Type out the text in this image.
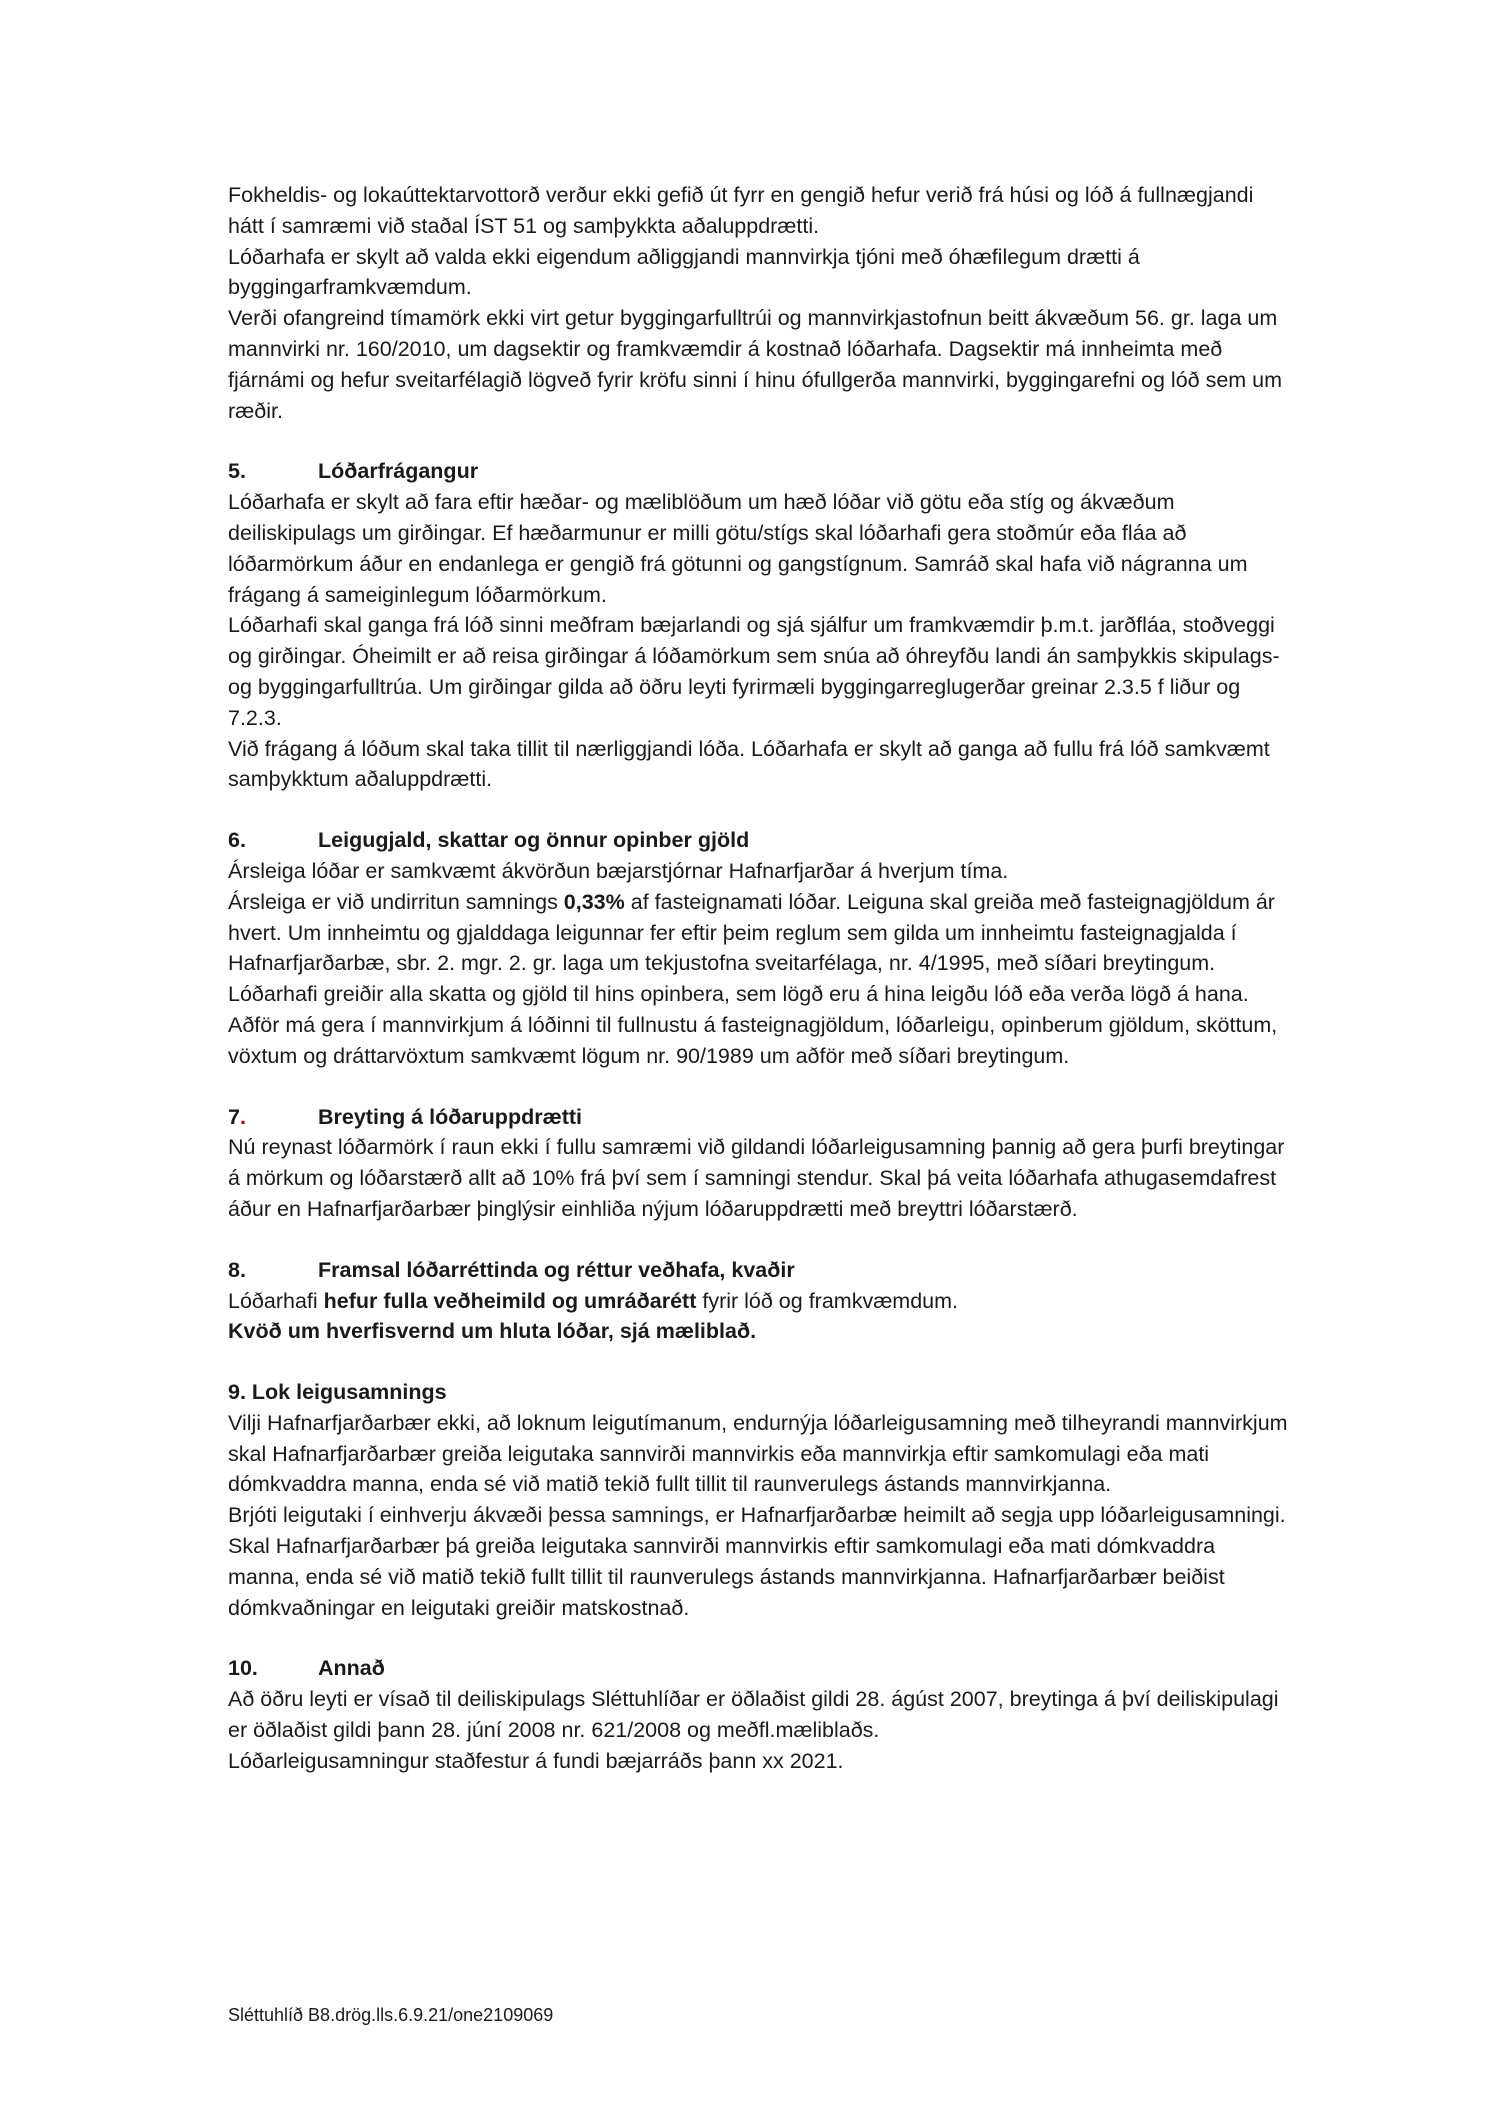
Fokheldis- og lokaúttektarvottorð verður ekki gefið út fyrr en gengið hefur verið frá húsi og lóð á fullnægjandi hátt í samræmi við staðal ÍST 51 og samþykkta aðaluppdrætti.

Lóðarhafa er skylt að valda ekki eigendum aðliggjandi mannvirkja tjóni með óhæfilegum drætti á byggingarframkvæmdum.

Verði ofangreind tímamörk ekki virt getur byggingarfulltrúi og mannvirkjastofnun beitt ákvæðum 56. gr. laga um mannvirki nr. 160/2010, um dagsektir og framkvæmdir á kostnað lóðarhafa. Dagsektir má innheimta með fjárnámi og hefur sveitarfélagið lögveð fyrir kröfu sinni í hinu ófullgerða mannvirki, byggingarefni og lóð sem um ræðir.

5.	Lóðarfrágangur

Lóðarhafa er skylt að fara eftir hæðar- og mæliblöðum um hæð lóðar við götu eða stíg og ákvæðum deiliskipulags um girðingar. Ef hæðarmunur er milli götu/stígs skal lóðarhafi gera stoðmúr eða fláa að lóðarmörkum áður en endanlega er gengið frá götunni og gangstígnum. Samráð skal hafa við nágranna um frágang á sameiginlegum lóðarmörkum.

Lóðarhafi skal ganga frá lóð sinni meðfram bæjarlandi og sjá sjálfur um framkvæmdir þ.m.t. jarðfláa, stoðveggi og girðingar. Óheimilt er að reisa girðingar á lóðamörkum sem snúa að óhreyfðu landi án samþykkis skipulags- og byggingarfulltrúa. Um girðingar gilda að öðru leyti fyrirmæli byggingarreglugerðar greinar 2.3.5 f liður og 7.2.3.

Við frágang á lóðum skal taka tillit til nærliggjandi lóða. Lóðarhafa er skylt að ganga að fullu frá lóð samkvæmt samþykktum aðaluppdrætti.

6.	Leigugjald, skattar og önnur opinber gjöld

Ársleiga lóðar er samkvæmt ákvörðun bæjarstjórnar Hafnarfjarðar á hverjum tíma.

Ársleiga er við undirritun samnings 0,33% af fasteignamati lóðar. Leiguna skal greiða með fasteignagjöldum ár hvert. Um innheimtu og gjalddaga leigunnar fer eftir þeim reglum sem gilda um innheimtu fasteignagjalda í Hafnarfjarðarbæ, sbr. 2. mgr. 2. gr. laga um tekjustofna sveitarfélaga, nr. 4/1995, með síðari breytingum.

Lóðarhafi greiðir alla skatta og gjöld til hins opinbera, sem lögð eru á hina leigðu lóð eða verða lögð á hana.

Aðför má gera í mannvirkjum á lóðinni til fullnustu á fasteignagjöldum, lóðarleigu, opinberum gjöldum, sköttum, vöxtum og dráttarvöxtum samkvæmt lögum nr. 90/1989 um aðför með síðari breytingum.

7.	Breyting á lóðaruppdrætti

Nú reynast lóðarmörk í raun ekki í fullu samræmi við gildandi lóðarleigusamning þannig að gera þurfi breytingar á mörkum og lóðarstærð allt að 10% frá því sem í samningi stendur. Skal þá veita lóðarhafa athugasemdafrest áður en Hafnarfjarðarbær þinglýsir einhliða nýjum lóðaruppdrætti með breyttri lóðarstærð.

8.	Framsal lóðarréttinda og réttur veðhafa, kvaðir

Lóðarhafi hefur fulla veðheimild og umráðarétt fyrir lóð og framkvæmdum.

Kvöð um hverfisvernd um hluta lóðar, sjá mæliblað.

9. Lok leigusamnings

Vilji Hafnarfjarðarbær ekki, að loknum leigutímanum, endurnýja lóðarleigusamning með tilheyrandi mannvirkjum skal Hafnarfjarðarbær greiða leigutaka sannvirði mannvirkis eða mannvirkja eftir samkomulagi eða mati dómkvaddra manna, enda sé við matið tekið fullt tillit til raunverulegs ástands mannvirkjanna.

Brjóti leigutaki í einhverju ákvæði þessa samnings, er Hafnarfjarðarbæ heimilt að segja upp lóðarleigusamningi. Skal Hafnarfjarðarbær þá greiða leigutaka sannvirði mannvirkis eftir samkomulagi eða mati dómkvaddra manna, enda sé við matið tekið fullt tillit til raunverulegs ástands mannvirkjanna. Hafnarfjarðarbær beiðist dómkvaðningar en leigutaki greiðir matskostnað.

10.	Annað

Að öðru leyti er vísað til deiliskipulags Sléttuhlíðar er öðlaðist gildi 28. ágúst 2007, breytinga á því deiliskipulagi er öðlaðist gildi þann 28. júní 2008 nr. 621/2008 og meðfl.mæliblaðs.

Lóðarleigusamningur staðfestur á fundi bæjarráðs þann xx 2021.

Sléttuhlíð B8.drög.lls.6.9.21/one2109069
